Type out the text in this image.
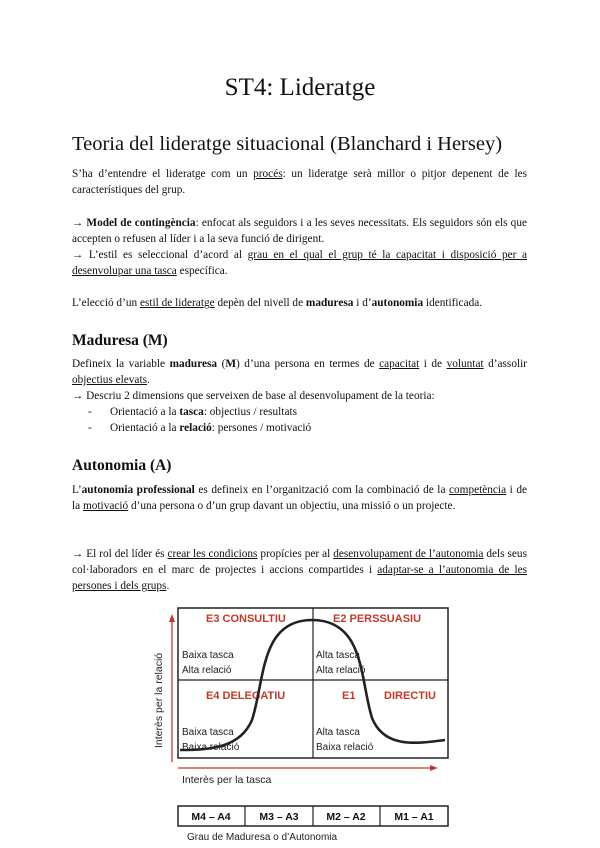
ST4: Lideratge
Teoria del lideratge situacional (Blanchard i Hersey)

S’ha d’entendre el lideratge com un procés: un lideratge serà millor o pitjor depenent de les característiques del grup.

→ Model de contingència: enfocat als seguidors i a les seves necessitats. Els seguidors són els que accepten o refusen al líder i a la seva funció de dirigent.

→ L’estil es seleccional d’acord al grau en el qual el grup té la capacitat i disposició per a desenvolupar una tasca específica.

L’elecció d’un estil de lideratge depèn del nivell de maduresa i d’autonomia identificada.

Maduresa (M)

Defineix la variable maduresa (M) d’una persona en termes de capacitat i de voluntat d’assolir objectius elevats.

→ Descriu 2 dimensions que serveixen de base al desenvolupament de la teoria:

- Orientació a la tasca: objectius / resultats
- Orientació a la relació: persones / motivació
Autonomia (A)

L’autonomia professional es defineix en l’organització com la combinació de la competència i de la motivació d’una persona o d’un grup davant un objectiu, una missió o un projecte.

→ El rol del líder és crear les condicions propícies per al desenvolupament de l’autonomia dels seus col·laboradors en el marc de projectes i accions compartides i adaptar-se a l’autonomia de les persones i dels grups.

Interès per la relació
Interès per la tasca
E3 CONSULTIU	E2 PERSSUASIU
E4 DELEGATIU	E1	DIRECTIU
Baixa tasca
Alta relació
Alta tasca
Alta relació
Baixa tasca
Baixa relació
Alta tasca
Baixa relació
M4 – A4	M3 – A3	M2 – A2	M1 – A1
Grau de Maduresa o d’Autonomia
